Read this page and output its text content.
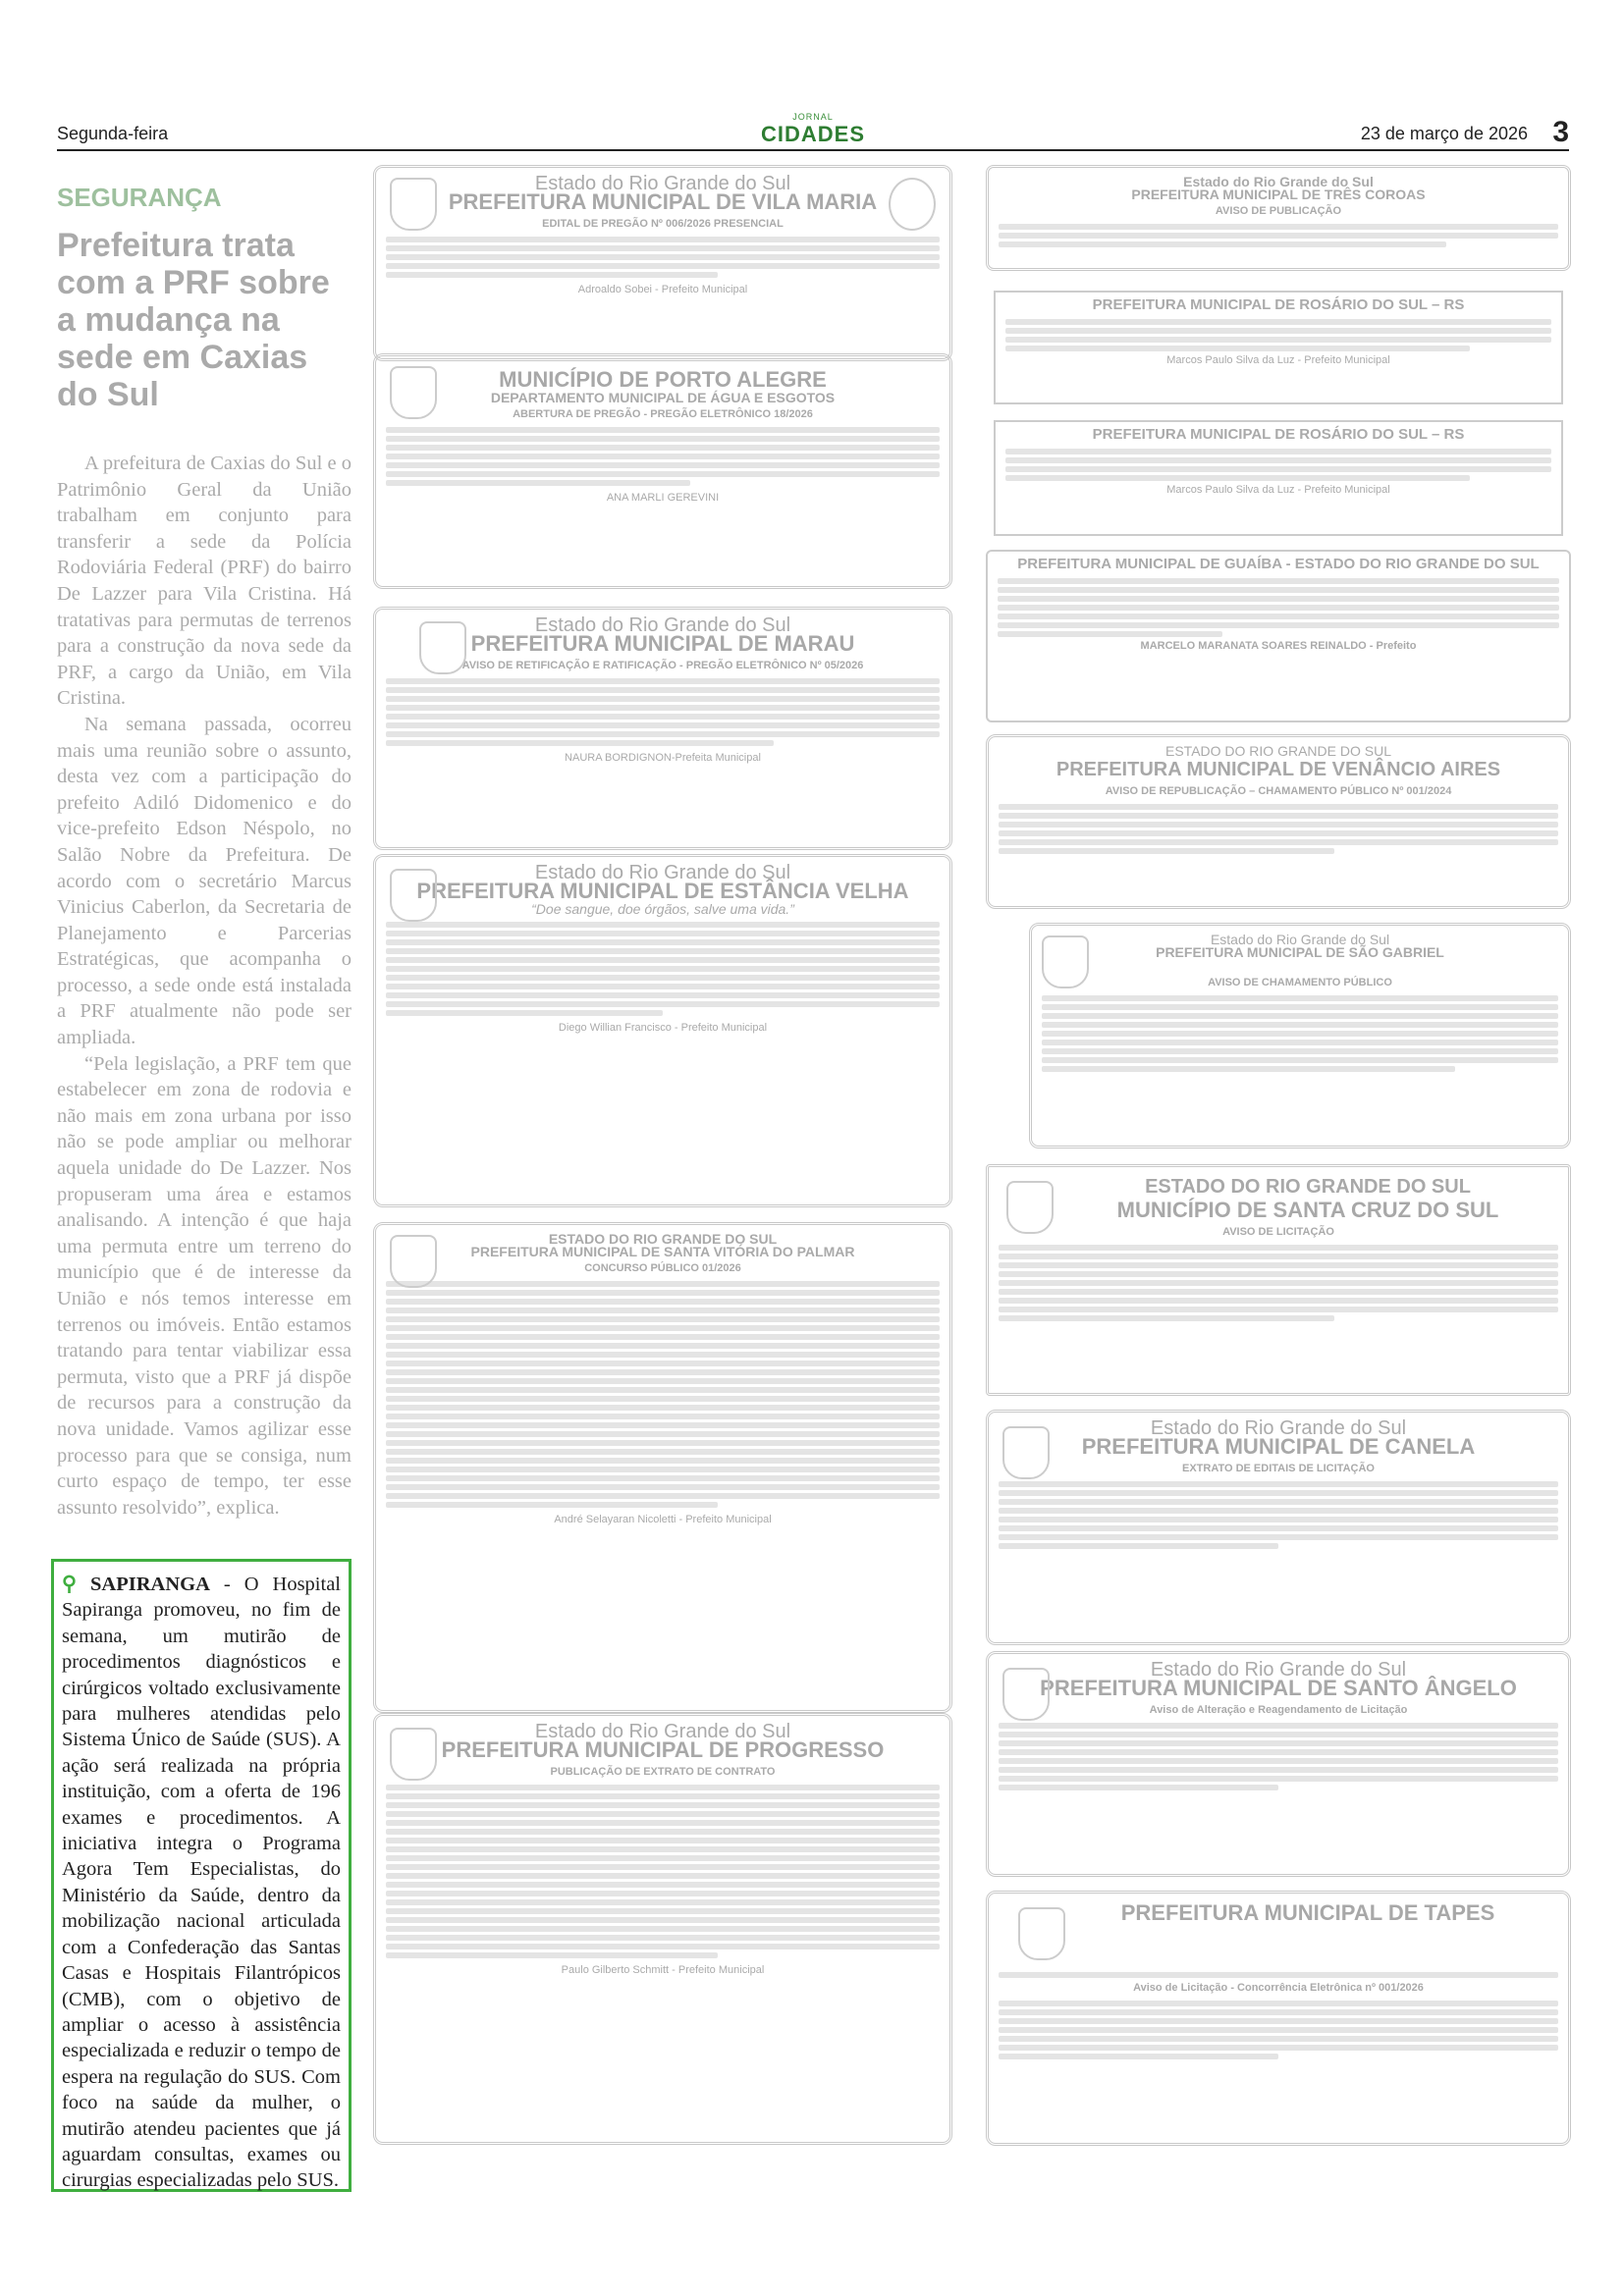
Segunda-feira
JORNAL
CIDADES	23 de março de 2026 3
SEGURANÇA
Prefeitura trata com a PRF sobre a mudança na sede em Caxias do Sul

A prefeitura de Caxias do Sul e o Patrimônio Geral da União trabalham em conjunto para transferir a sede da Polícia Rodoviária Federal (PRF) do bairro De Lazzer para Vila Cristina. Há tratativas para permutas de terrenos para a construção da nova sede da PRF, a cargo da União, em Vila Cristina.

Na semana passada, ocorreu mais uma reunião sobre o assunto, desta vez com a participação do prefeito Adiló Didomenico e do vice-prefeito Edson Néspolo, no Salão Nobre da Prefeitura. De acordo com o secretário Marcus Vinicius Caberlon, da Secretaria de Planejamento e Parcerias Estratégicas, que acompanha o processo, a sede onde está instalada a PRF atualmente não pode ser ampliada.

“Pela legislação, a PRF tem que estabelecer em zona de rodovia e não mais em zona urbana por isso não se pode ampliar ou melhorar aquela unidade do De Lazzer. Nos propuseram uma área e estamos analisando. A intenção é que haja uma permuta entre um terreno do município que é de interesse da União e nós temos interesse em terrenos ou imóveis. Então estamos tratando para tentar viabilizar essa permuta, visto que a PRF já dispõe de recursos para a construção da nova unidade. Vamos agilizar esse processo para que se consiga, num curto espaço de tempo, ter esse assunto resolvido”, explica.

⚲ SAPIRANGA - O Hospital Sapiranga promoveu, no fim de semana, um mutirão de procedimentos diagnósticos e cirúrgicos voltado exclusivamente para mulheres atendidas pelo Sistema Único de Saúde (SUS). A ação será realizada na própria instituição, com a oferta de 196 exames e procedimentos. A iniciativa integra o Programa Agora Tem Especialistas, do Ministério da Saúde, dentro da mobilização nacional articulada com a Confederação das Santas Casas e Hospitais Filantrópicos (CMB), com o objetivo de ampliar o acesso à assistência especializada e reduzir o tempo de espera na regulação do SUS. Com foco na saúde da mulher, o mutirão atendeu pacientes que já aguardam consultas, exames ou cirurgias especializadas pelo SUS.
Estado do Rio Grande do Sul
PREFEITURA MUNICIPAL DE VILA MARIA
EDITAL DE PREGÃO Nº 006/2026 PRESENCIAL
Adroaldo Sobei - Prefeito Municipal
MUNICÍPIO DE PORTO ALEGRE
DEPARTAMENTO MUNICIPAL DE ÁGUA E ESGOTOS
ABERTURA DE PREGÃO - PREGÃO ELETRÔNICO 18/2026
ANA MARLI GEREVINI
Estado do Rio Grande do Sul
PREFEITURA MUNICIPAL DE MARAU
AVISO DE RETIFICAÇÃO E RATIFICAÇÃO - PREGÃO ELETRÔNICO Nº 05/2026
NAURA BORDIGNON-Prefeita Municipal
Estado do Rio Grande do Sul
PREFEITURA MUNICIPAL DE ESTÂNCIA VELHA
“Doe sangue, doe órgãos, salve uma vida.”
Diego Willian Francisco - Prefeito Municipal
ESTADO DO RIO GRANDE DO SUL
PREFEITURA MUNICIPAL DE SANTA VITÓRIA DO PALMAR
CONCURSO PÚBLICO 01/2026
André Selayaran Nicoletti - Prefeito Municipal
Estado do Rio Grande do Sul
PREFEITURA MUNICIPAL DE PROGRESSO
PUBLICAÇÃO DE EXTRATO DE CONTRATO
Paulo Gilberto Schmitt - Prefeito Municipal
Estado do Rio Grande do Sul
PREFEITURA MUNICIPAL DE TRÊS COROAS
AVISO DE PUBLICAÇÃO
PREFEITURA MUNICIPAL DE ROSÁRIO DO SUL – RS
Marcos Paulo Silva da Luz - Prefeito Municipal
PREFEITURA MUNICIPAL DE ROSÁRIO DO SUL – RS
Marcos Paulo Silva da Luz - Prefeito Municipal
PREFEITURA MUNICIPAL DE GUAÍBA - ESTADO DO RIO GRANDE DO SUL
MARCELO MARANATA SOARES REINALDO - Prefeito
ESTADO DO RIO GRANDE DO SUL
PREFEITURA MUNICIPAL DE VENÂNCIO AIRES
AVISO DE REPUBLICAÇÃO – CHAMAMENTO PÚBLICO Nº 001/2024
Estado do Rio Grande do Sul
PREFEITURA MUNICIPAL DE SÃO GABRIEL
AVISO DE CHAMAMENTO PÚBLICO
ESTADO DO RIO GRANDE DO SUL
MUNICÍPIO DE SANTA CRUZ DO SUL
AVISO DE LICITAÇÃO
Estado do Rio Grande do Sul
PREFEITURA MUNICIPAL DE CANELA
EXTRATO DE EDITAIS DE LICITAÇÃO
Estado do Rio Grande do Sul
PREFEITURA MUNICIPAL DE SANTO ÂNGELO
Aviso de Alteração e Reagendamento de Licitação
PREFEITURA MUNICIPAL DE TAPES
Aviso de Licitação - Concorrência Eletrônica nº 001/2026
